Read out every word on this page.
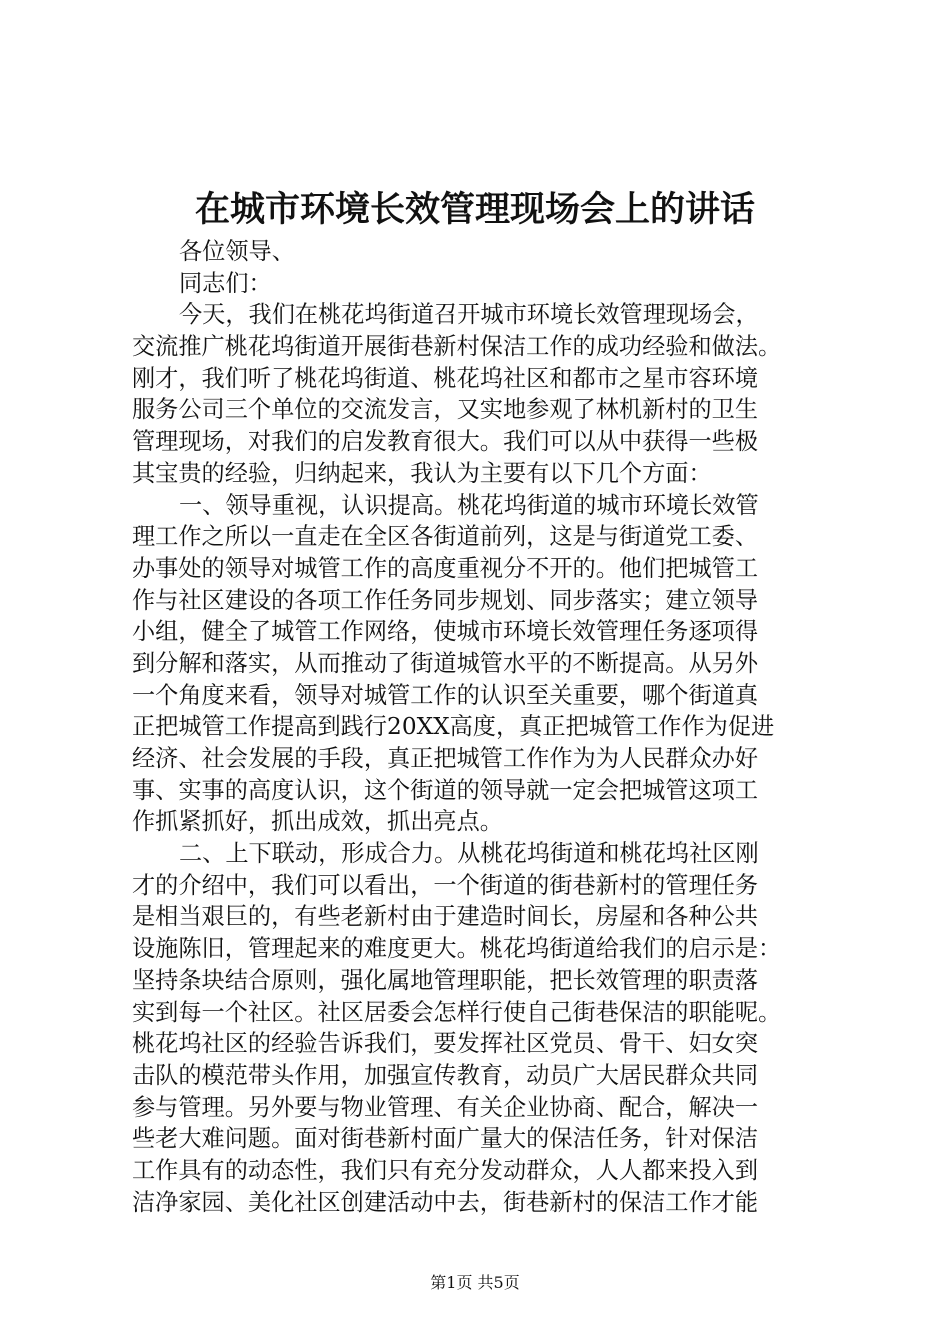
在城市环境长效管理现场会上的讲话
各位领导、
同志们：
今天，我们在桃花坞街道召开城市环境长效管理现场会，
交流推广桃花坞街道开展街巷新村保洁工作的成功经验和做法。
刚才，我们听了桃花坞街道、桃花坞社区和都市之星市容环境
服务公司三个单位的交流发言，又实地参观了林机新村的卫生
管理现场，对我们的启发教育很大。我们可以从中获得一些极
其宝贵的经验，归纳起来，我认为主要有以下几个方面：
一、领导重视，认识提高。桃花坞街道的城市环境长效管
理工作之所以一直走在全区各街道前列，这是与街道党工委、
办事处的领导对城管工作的高度重视分不开的。他们把城管工
作与社区建设的各项工作任务同步规划、同步落实；建立领导
小组，健全了城管工作网络，使城市环境长效管理任务逐项得
到分解和落实，从而推动了街道城管水平的不断提高。从另外
一个角度来看，领导对城管工作的认识至关重要，哪个街道真
正把城管工作提高到践行20XX高度，真正把城管工作作为促进
经济、社会发展的手段，真正把城管工作作为为人民群众办好
事、实事的高度认识，这个街道的领导就一定会把城管这项工
作抓紧抓好，抓出成效，抓出亮点。
二、上下联动，形成合力。从桃花坞街道和桃花坞社区刚
才的介绍中，我们可以看出，一个街道的街巷新村的管理任务
是相当艰巨的，有些老新村由于建造时间长，房屋和各种公共
设施陈旧，管理起来的难度更大。桃花坞街道给我们的启示是：
坚持条块结合原则，强化属地管理职能，把长效管理的职责落
实到每一个社区。社区居委会怎样行使自己街巷保洁的职能呢。
桃花坞社区的经验告诉我们，要发挥社区党员、骨干、妇女突
击队的模范带头作用，加强宣传教育，动员广大居民群众共同
参与管理。另外要与物业管理、有关企业协商、配合，解决一
些老大难问题。面对街巷新村面广量大的保洁任务，针对保洁
工作具有的动态性，我们只有充分发动群众，人人都来投入到
洁净家园、美化社区创建活动中去，街巷新村的保洁工作才能
第1页 共5页
